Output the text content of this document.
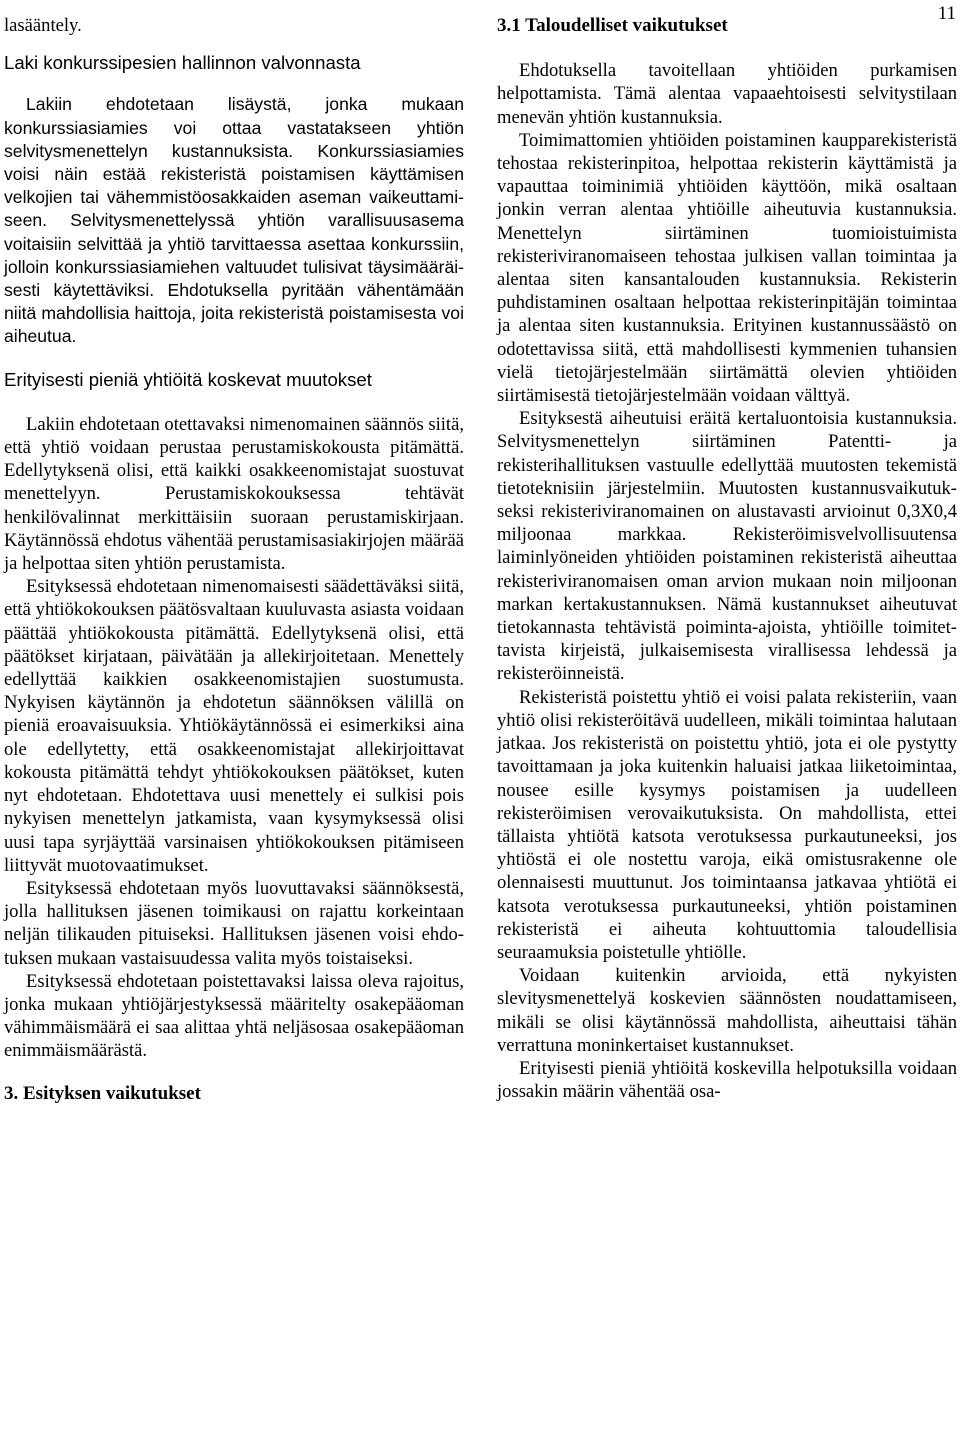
11

lasääntely.

Laki konkurssipesien hallinnon valvonnasta

Lakiin ehdotetaan lisäystä, jonka mukaan konkurssiasiamies voi ottaa vastatakseen yhtiön selvitysmenettelyn kustannuksista. Konkurssiasiamies voisi näin estää rekisteristä poistamisen käyttämisen velkojien tai vähemmistöosakkaiden aseman vaikeuttamiseen. Selvitysmenettelyssä yhtiön varallisuusasema voitaisiin selvittää ja yhtiö tarvittaessa asettaa konkurssiin, jolloin konkurssiasiamiehen valtuudet tulisivat täysimääräisesti käytettäviksi. Ehdotuksella pyritään vähentämään niitä mahdollisia haittoja, joita rekisteristä poistamisesta voi aiheutua.

Erityisesti pieniä yhtiöitä koskevat muutokset

Lakiin ehdotetaan otettavaksi nimenomainen säännös siitä, että yhtiö voidaan perustaa perustamiskokousta pitämättä. Edellytyksenä olisi, että kaikki osakkeenomistajat suostuvat menettelyyn. Perustamiskokouksessa tehtävät henkilövalinnat merkittäisiin suoraan perustamiskirjaan. Käytännössä ehdotus vähentää perustamisasiakirjojen määrää ja helpottaa siten yhtiön perustamista.

Esityksessä ehdotetaan nimenomaisesti säädettäväksi siitä, että yhtiökokouksen päätösvaltaan kuuluvasta asiasta voidaan päättää yhtiökokousta pitämättä. Edellytyksenä olisi, että päätökset kirjataan, päivätään ja allekirjoitetaan. Menettely edellyttää kaikkien osakkeenomistajien suostumusta. Nykyisen käytännön ja ehdotetun säännöksen välillä on pieniä eroavaisuuksia. Yhtiökäytännössä ei esimerkiksi aina ole edellytetty, että osakkeenomistajat allekirjoittavat kokousta pitämättä tehdyt yhtiökokouksen päätökset, kuten nyt ehdotetaan. Ehdotettava uusi menettely ei sulkisi pois nykyisen menettelyn jatkamista, vaan kysymyksessä olisi uusi tapa syrjäyttää varsinaisen yhtiökokouksen pitämiseen liittyvät muotovaatimukset.

Esityksessä ehdotetaan myös luovuttavaksi säännöksestä, jolla hallituksen jäsenen toimikausi on rajattu korkeintaan neljän tilikauden pituiseksi. Hallituksen jäsenen voisi ehdotuksen mukaan vastaisuudessa valita myös toistaiseksi.

Esityksessä ehdotetaan poistettavaksi laissa oleva rajoitus, jonka mukaan yhtiöjärjestyksessä määritelty osakepääoman vähimmäismäärä ei saa alittaa yhtä neljäsosaa osakepääoman enimmäismäärästä.

3. Esityksen vaikutukset
3.1 Taloudelliset vaikutukset

Ehdotuksella tavoitellaan yhtiöiden purkamisen helpottamista. Tämä alentaa vapaaehtoisesti selvitystilaan menevän yhtiön kustannuksia.

Toimimattomien yhtiöiden poistaminen kaupparekisteristä tehostaa rekisterinpitoa, helpottaa rekisterin käyttämistä ja vapauttaa toiminimiä yhtiöiden käyttöön, mikä osaltaan jonkin verran alentaa yhtiöille aiheutuvia kustannuksia. Menettelyn siirtäminen tuomioistuimista rekisteriviranomaiseen tehostaa julkisen vallan toimintaa ja alentaa siten kansantalouden kustannuksia. Rekisterin puhdistaminen osaltaan helpottaa rekisterinpitäjän toimintaa ja alentaa siten kustannuksia. Erityinen kustannussäästö on odotettavissa siitä, että mahdollisesti kymmenien tuhansien vielä tietojärjestelmään siirtämättä olevien yhtiöiden siirtämisestä tietojärjestelmään voidaan välttyä.

Esityksestä aiheutuisi eräitä kertaluontoisia kustannuksia. Selvitysmenettelyn siirtäminen Patentti- ja rekisterihallituksen vastuulle edellyttää muutosten tekemistä tietoteknisiin järjestelmiin. Muutosten kustannusvaikutukseksi rekisteriviranomainen on alustavasti arvioinut 0,3X0,4 miljoonaa markkaa. Rekisteröimisvelvollisuutensa laiminlyöneiden yhtiöiden poistaminen rekisteristä aiheuttaa rekisteriviranomaisen oman arvion mukaan noin miljoonan markan kertakustannuksen. Nämä kustannukset aiheutuvat tietokannasta tehtävistä poiminta-ajoista, yhtiöille toimitettavista kirjeistä, julkaisemisesta virallisessa lehdessä ja rekisteröinneistä.

Rekisteristä poistettu yhtiö ei voisi palata rekisteriin, vaan yhtiö olisi rekisteröitävä uudelleen, mikäli toimintaa halutaan jatkaa. Jos rekisteristä on poistettu yhtiö, jota ei ole pystytty tavoittamaan ja joka kuitenkin haluaisi jatkaa liiketoimintaa, nousee esille kysymys poistamisen ja uudelleen rekisteröimisen verovaikutuksista. On mahdollista, ettei tällaista yhtiötä katsota verotuksessa purkautuneeksi, jos yhtiöstä ei ole nostettu varoja, eikä omistusrakenne ole olennaisesti muuttunut. Jos toimintaansa jatkavaa yhtiötä ei katsota verotuksessa purkautuneeksi, yhtiön poistaminen rekisteristä ei aiheuta kohtuuttomia taloudellisia seuraamuksia poistetulle yhtiölle.

Voidaan kuitenkin arvioida, että nykyisten slevitysmenettelyä koskevien säännösten noudattamiseen, mikäli se olisi käytännössä mahdollista, aiheuttaisi tähän verrattuna moninkertaiset kustannukset.

Erityisesti pieniä yhtiöitä koskevilla helpotuksilla voidaan jossakin määrin vähentää osa-
